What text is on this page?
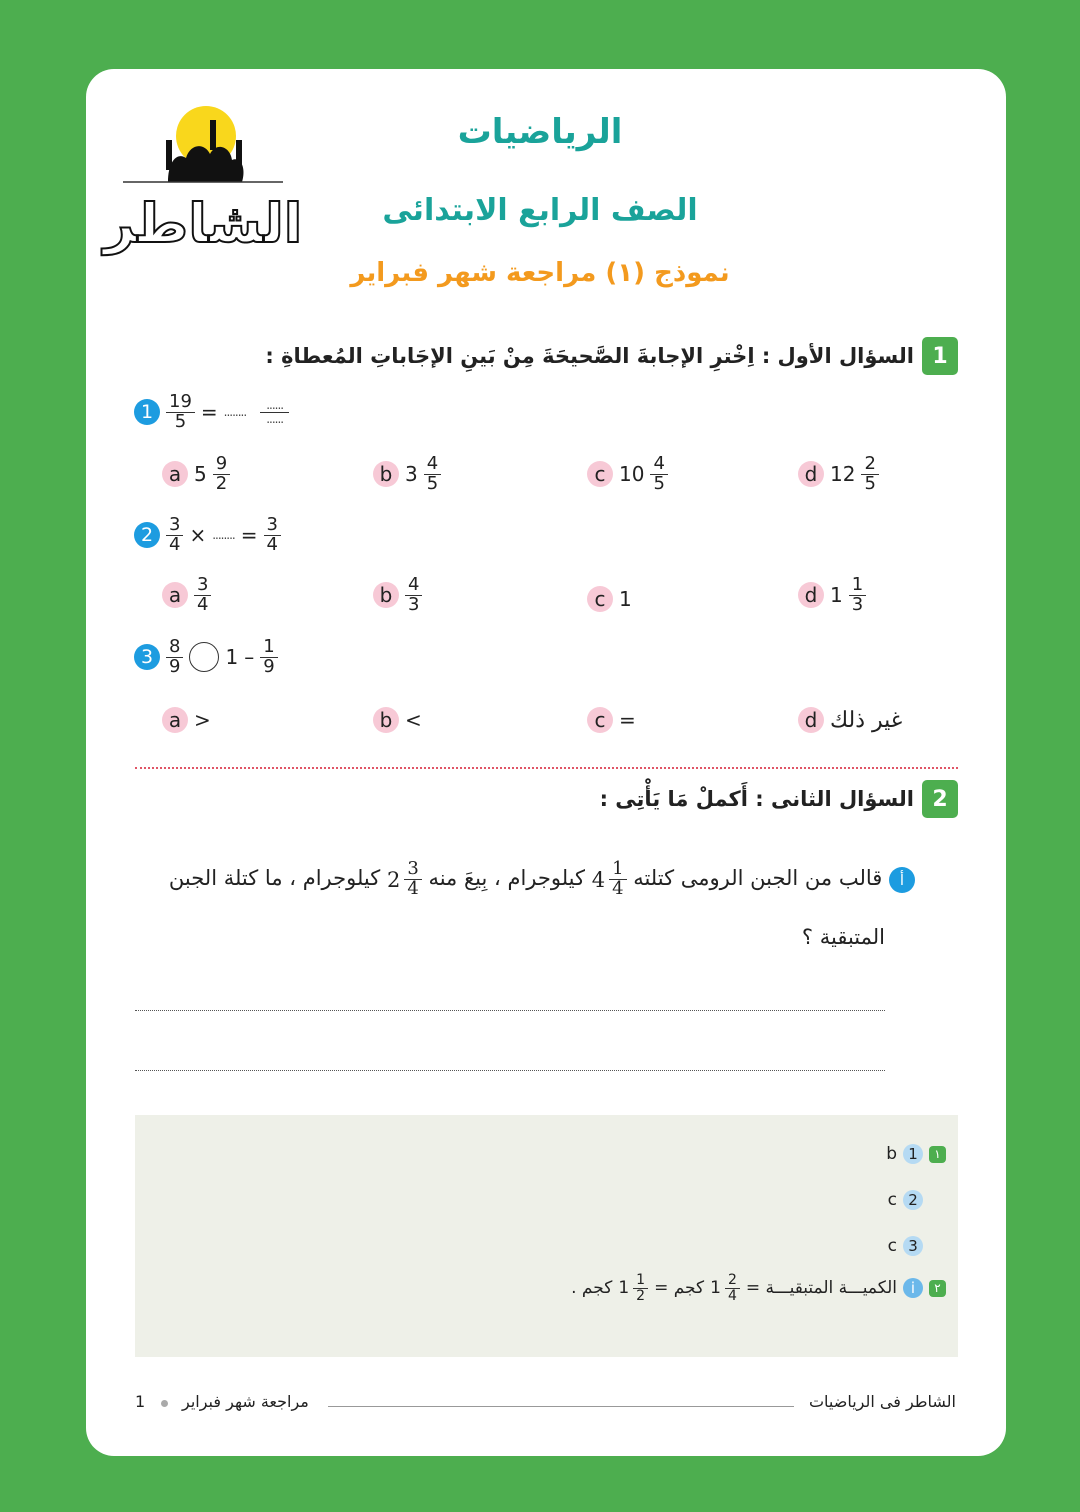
الشاطر
الرياضيات
الصف الرابع الابتدائى
نموذج (١) مراجعة شهر فبراير
1
السؤال الأول : اِخْترِ الإجابةَ الصَّحيحَةَ مِنْ بَينِ الإجَاباتِ المُعطاةِ :
$1 \frac{19}{5}$ = ........ $\frac{......}{......}$
a $5 \frac{9}{2}$	b $3 \frac{4}{5}$	c $10 \frac{4}{5}$	d $12 \frac{2}{5}$
$2 \frac{3}{4}$ × ........ = $\frac{3}{4}$
a $\frac{3}{4}$	b $\frac{4}{3}$	c 1	d $1 \frac{1}{3}$
$3 \frac{8}{9} 1 - \frac{1}{9}$
a >	b <	c =	d غير ذلك
2
السؤال الثانى : أَكملْ مَا يَأْتِى :
أ قالب من الجبن الرومى كتلته
$4 \frac{1}{4}$
كيلوجرام ، بِيعَ منه
$2 \frac{3}{4}$
كيلوجرام ، ما كتلة الجبن
المتبقية ؟
١
1
b
2
c
3
c
٢
i
الكميـــة المتبقيـــة =
$1 \frac{2}{4}$
كجم =
$1 \frac{1}{2}$
كجم .
الشاطر فى الرياضيات
مراجعة شهر فبراير
1
